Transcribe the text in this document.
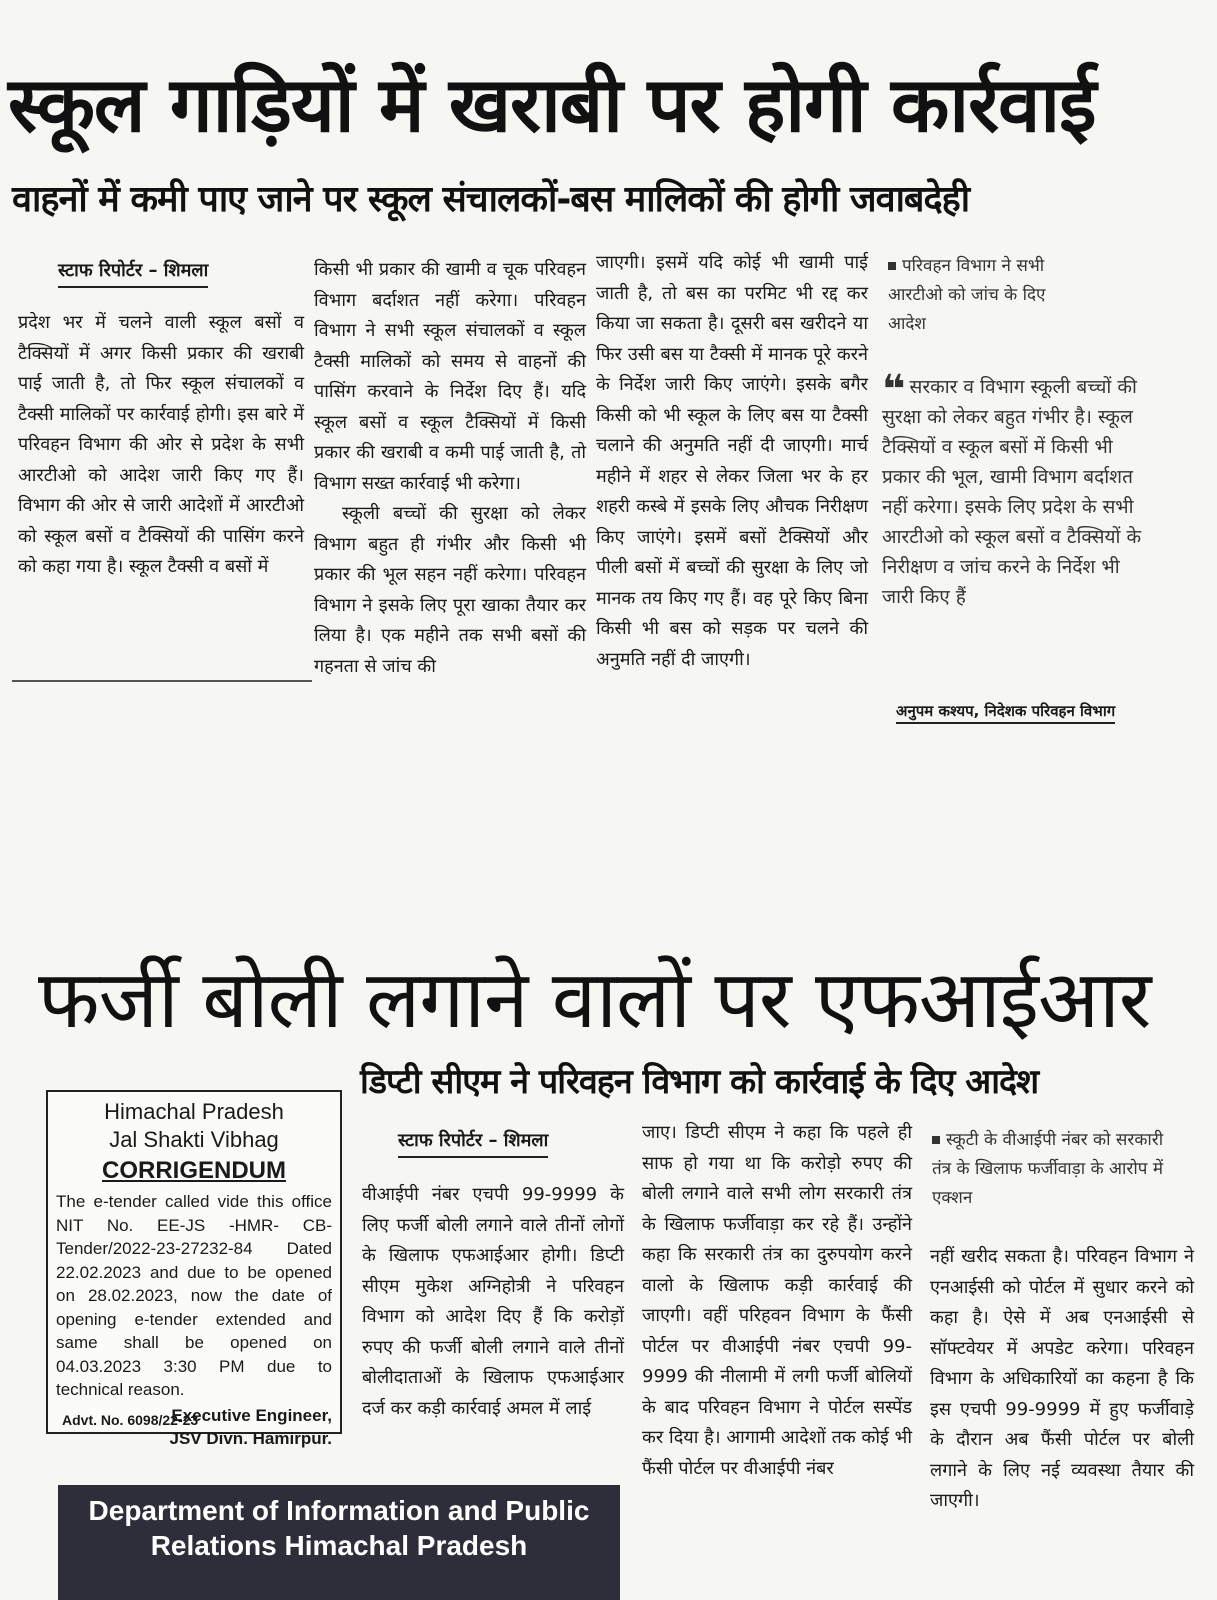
स्कूल गाड़ियों में खराबी पर होगी कार्रवाई
वाहनों में कमी पाए जाने पर स्कूल संचालकों-बस मालिकों की होगी जवाबदेही
स्टाफ रिपोर्टर – शिमला

प्रदेश भर में चलने वाली स्कूल बसों व टैक्सियों में अगर किसी प्रकार की खराबी पाई जाती है, तो फिर स्कूल संचालकों व टैक्सी मालिकों पर कार्रवाई होगी। इस बारे में परिवहन विभाग की ओर से प्रदेश के सभी आरटीओ को आदेश जारी किए गए हैं। विभाग की ओर से जारी आदेशों में आरटीओ को स्कूल बसों व टैक्सियों की पासिंग करने को कहा गया है। स्कूल टैक्सी व बसों में

किसी भी प्रकार की खामी व चूक परिवहन विभाग बर्दाशत नहीं करेगा। परिवहन विभाग ने सभी स्कूल संचालकों व स्कूल टैक्सी मालिकों को समय से वाहनों की पासिंग करवाने के निर्देश दिए हैं। यदि स्कूल बसों व स्कूल टैक्सियों में किसी प्रकार की खराबी व कमी पाई जाती है, तो विभाग सख्त कार्रवाई भी करेगा।

स्कूली बच्चों की सुरक्षा को लेकर विभाग बहुत ही गंभीर और किसी भी प्रकार की भूल सहन नहीं करेगा। परिवहन विभाग ने इसके लिए पूरा खाका तैयार कर लिया है। एक महीने तक सभी बसों की गहनता से जांच की

जाएगी। इसमें यदि कोई भी खामी पाई जाती है, तो बस का परमिट भी रद्द कर किया जा सकता है। दूसरी बस खरीदने या फिर उसी बस या टैक्सी में मानक पूरे करने के निर्देश जारी किए जाएंगे। इसके बगैर किसी को भी स्कूल के लिए बस या टैक्सी चलाने की अनुमति नहीं दी जाएगी। मार्च महीने में शहर से लेकर जिला भर के हर शहरी कस्बे में इसके लिए औचक निरीक्षण किए जाएंगे। इसमें बसों टैक्सियों और पीली बसों में बच्चों की सुरक्षा के लिए जो मानक तय किए गए हैं। वह पूरे किए बिना किसी भी बस को सड़क पर चलने की अनुमति नहीं दी जाएगी।

परिवहन विभाग ने सभी आरटीओ को जांच के दिए आदेश
❝ सरकार व विभाग स्कूली बच्चों की सुरक्षा को लेकर बहुत गंभीर है। स्कूल टैक्सियों व स्कूल बसों में किसी भी प्रकार की भूल, खामी विभाग बर्दाशत नहीं करेगा। इसके लिए प्रदेश के सभी आरटीओ को स्कूल बसों व टैक्सियों के निरीक्षण व जांच करने के निर्देश भी जारी किए हैं
अनुपम कश्यप, निदेशक परिवहन विभाग
फर्जी बोली लगाने वालों पर एफआईआर
डिप्टी सीएम ने परिवहन विभाग को कार्रवाई के दिए आदेश
Himachal Pradesh
Jal Shakti Vibhag
CORRIGENDUM
The e-tender called vide this office NIT No. EE-JS -HMR- CB-Tender/2022-23-27232-84 Dated 22.02.2023 and due to be opened on 28.02.2023, now the date of opening e-tender extended and same shall be opened on 04.03.2023 3:30 PM due to technical reason.
Executive Engineer,
JSV Divn. Hamirpur.
Advt. No. 6098/22-23
स्टाफ रिपोर्टर – शिमला

वीआईपी नंबर एचपी 99-9999 के लिए फर्जी बोली लगाने वाले तीनों लोगों के खिलाफ एफआईआर होगी। डिप्टी सीएम मुकेश अग्निहोत्री ने परिवहन विभाग को आदेश दिए हैं कि करोड़ों रुपए की फर्जी बोली लगाने वाले तीनों बोलीदाताओं के खिलाफ एफआईआर दर्ज कर कड़ी कार्रवाई अमल में लाई

जाए। डिप्टी सीएम ने कहा कि पहले ही साफ हो गया था कि करोड़ो रुपए की बोली लगाने वाले सभी लोग सरकारी तंत्र के खिलाफ फर्जीवाड़ा कर रहे हैं। उन्होंने कहा कि सरकारी तंत्र का दुरुपयोग करने वालो के खिलाफ कड़ी कार्रवाई की जाएगी। वहीं परिहवन विभाग के फैंसी पोर्टल पर वीआईपी नंबर एचपी 99-9999 की नीलामी में लगी फर्जी बोलियों के बाद परिवहन विभाग ने पोर्टल सस्पेंड कर दिया है। आगामी आदेशों तक कोई भी फैंसी पोर्टल पर वीआईपी नंबर

स्कूटी के वीआईपी नंबर को सरकारी तंत्र के खिलाफ फर्जीवाड़ा के आरोप में एक्शन

नहीं खरीद सकता है। परिवहन विभाग ने एनआईसी को पोर्टल में सुधार करने को कहा है। ऐसे में अब एनआईसी से सॉफ्टवेयर में अपडेट करेगा। परिवहन विभाग के अधिकारियों का कहना है कि इस एचपी 99-9999 में हुए फर्जीवाड़े के दौरान अब फैंसी पोर्टल पर बोली लगाने के लिए नई व्यवस्था तैयार की जाएगी।

Department of Information and Public
Relations Himachal Pradesh
